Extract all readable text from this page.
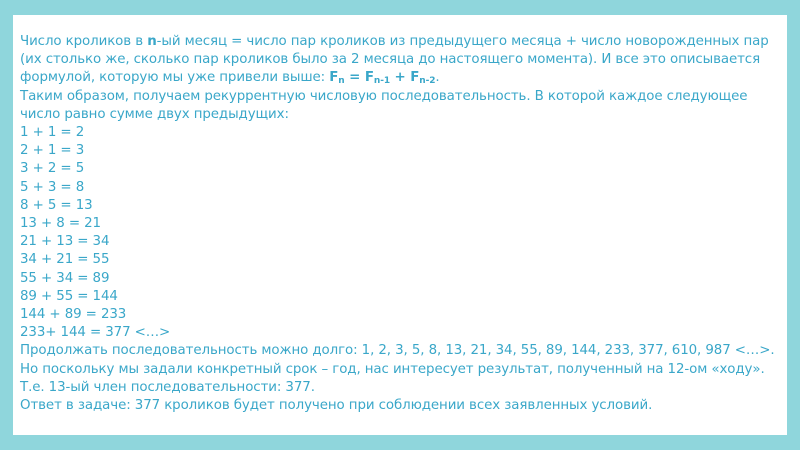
Число кроликов в n-ый месяц = число пар кроликов из предыдущего месяца + число новорожденных пар (их столько же, сколько пар кроликов было за 2 месяца до настоящего момента). И все это описывается формулой, которую мы уже привели выше: $F_n = F_{n-1} + F_{n-2}$.
Таким образом, получаем рекуррентную числовую последовательность. В которой каждое следующее число равно сумме двух предыдущих:
1 + 1 = 2
2 + 1 = 3
3 + 2 = 5
5 + 3 = 8
8 + 5 = 13
13 + 8 = 21
21 + 13 = 34
34 + 21 = 55
55 + 34 = 89
89 + 55 = 144
144 + 89 = 233
233+ 144 = 377 <…>
Продолжать последовательность можно долго: 1, 2, 3, 5, 8, 13, 21, 34, 55, 89, 144, 233, 377, 610, 987 <…>. Но поскольку мы задали конкретный срок – год, нас интересует результат, полученный на 12-ом «ходу». Т.е. 13-ый член последовательности: 377.
Ответ в задаче: 377 кроликов будет получено при соблюдении всех заявленных условий.
